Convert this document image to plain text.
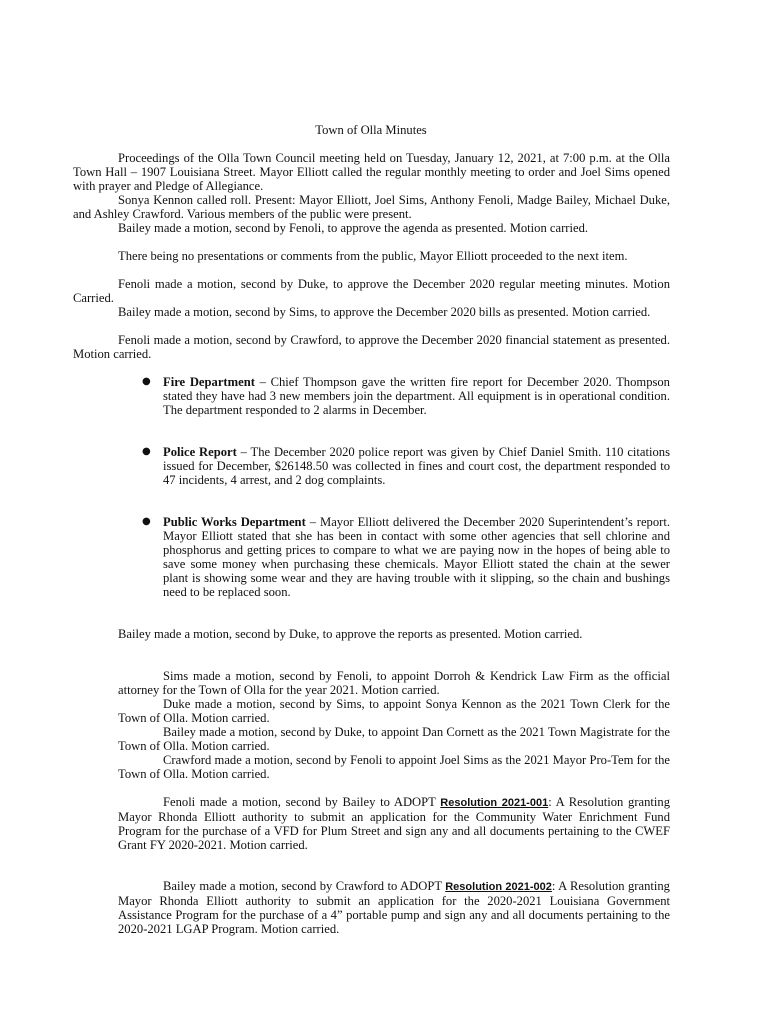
Town of Olla Minutes

Proceedings of the Olla Town Council meeting held on Tuesday, January 12, 2021, at 7:00 p.m. at the Olla Town Hall – 1907 Louisiana Street. Mayor Elliott called the regular monthly meeting to order and Joel Sims opened with prayer and Pledge of Allegiance.

Sonya Kennon called roll. Present: Mayor Elliott, Joel Sims, Anthony Fenoli, Madge Bailey, Michael Duke, and Ashley Crawford. Various members of the public were present.

Bailey made a motion, second by Fenoli, to approve the agenda as presented. Motion carried.

There being no presentations or comments from the public, Mayor Elliott proceeded to the next item.

Fenoli made a motion, second by Duke, to approve the December 2020 regular meeting minutes. Motion Carried.

Bailey made a motion, second by Sims, to approve the December 2020 bills as presented. Motion carried.

Fenoli made a motion, second by Crawford, to approve the December 2020 financial statement as presented. Motion carried.

● Fire Department – Chief Thompson gave the written fire report for December 2020. Thompson stated they have had 3 new members join the department. All equipment is in operational condition. The department responded to 2 alarms in December.

● Police Report – The December 2020 police report was given by Chief Daniel Smith. 110 citations issued for December, $26148.50 was collected in fines and court cost, the department responded to 47 incidents, 4 arrest, and 2 dog complaints.

● Public Works Department – Mayor Elliott delivered the December 2020 Superintendent’s report. Mayor Elliott stated that she has been in contact with some other agencies that sell chlorine and phosphorus and getting prices to compare to what we are paying now in the hopes of being able to save some money when purchasing these chemicals. Mayor Elliott stated the chain at the sewer plant is showing some wear and they are having trouble with it slipping, so the chain and bushings need to be replaced soon.

Bailey made a motion, second by Duke, to approve the reports as presented. Motion carried.

Sims made a motion, second by Fenoli, to appoint Dorroh & Kendrick Law Firm as the official attorney for the Town of Olla for the year 2021. Motion carried.

Duke made a motion, second by Sims, to appoint Sonya Kennon as the 2021 Town Clerk for the Town of Olla. Motion carried.

Bailey made a motion, second by Duke, to appoint Dan Cornett as the 2021 Town Magistrate for the Town of Olla. Motion carried.

Crawford made a motion, second by Fenoli to appoint Joel Sims as the 2021 Mayor Pro-Tem for the Town of Olla. Motion carried.

Fenoli made a motion, second by Bailey to ADOPT Resolution 2021-001: A Resolution granting Mayor Rhonda Elliott authority to submit an application for the Community Water Enrichment Fund Program for the purchase of a VFD for Plum Street and sign any and all documents pertaining to the CWEF Grant FY 2020-2021. Motion carried.

Bailey made a motion, second by Crawford to ADOPT Resolution 2021-002: A Resolution granting Mayor Rhonda Elliott authority to submit an application for the 2020-2021 Louisiana Government Assistance Program for the purchase of a 4” portable pump and sign any and all documents pertaining to the 2020-2021 LGAP Program. Motion carried.
